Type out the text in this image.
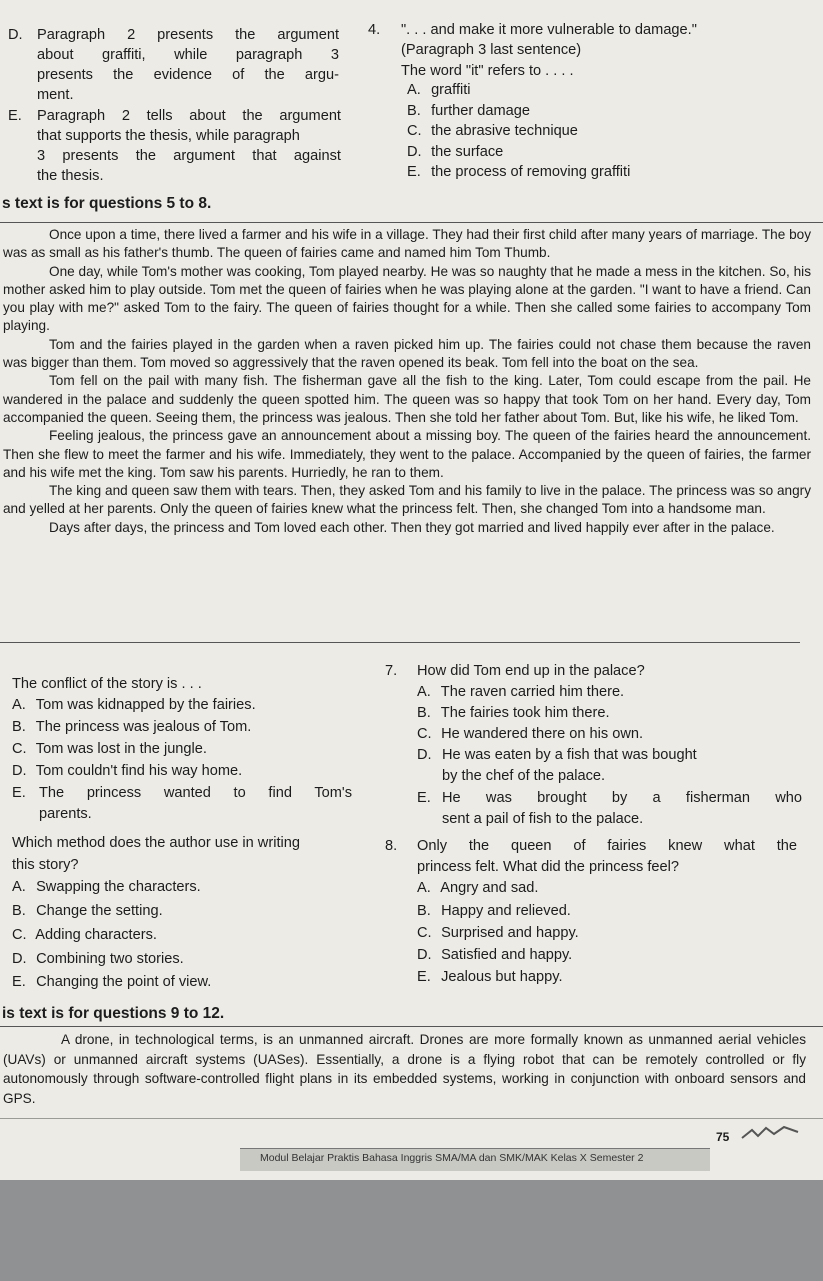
D. Paragraph 2 presents the argument
about graffiti, while paragraph 3
presents the evidence of the argu-
ment.
E. Paragraph 2 tells about the argument
that supports the thesis, while paragraph
3 presents the argument that against
the thesis.
4. ". . . and make it more vulnerable to damage."
(Paragraph 3 last sentence)
The word "it" refers to . . . .
A. graffiti
B. further damage
C. the abrasive technique
D. the surface
E. the process of removing graffiti
s text is for questions 5 to 8.

Once upon a time, there lived a farmer and his wife in a village. They had their first child after many years of marriage. The boy was as small as his father's thumb. The queen of fairies came and named him Tom Thumb.

One day, while Tom's mother was cooking, Tom played nearby. He was so naughty that he made a mess in the kitchen. So, his mother asked him to play outside. Tom met the queen of fairies when he was playing alone at the garden. "I want to have a friend. Can you play with me?" asked Tom to the fairy. The queen of fairies thought for a while. Then she called some fairies to accompany Tom playing.

Tom and the fairies played in the garden when a raven picked him up. The fairies could not chase them because the raven was bigger than them. Tom moved so aggressively that the raven opened its beak. Tom fell into the boat on the sea.

Tom fell on the pail with many fish. The fisherman gave all the fish to the king. Later, Tom could escape from the pail. He wandered in the palace and suddenly the queen spotted him. The queen was so happy that took Tom on her hand. Every day, Tom accompanied the queen. Seeing them, the princess was jealous. Then she told her father about Tom. But, like his wife, he liked Tom.

Feeling jealous, the princess gave an announcement about a missing boy. The queen of the fairies heard the announcement. Then she flew to meet the farmer and his wife. Immediately, they went to the palace. Accompanied by the queen of fairies, the farmer and his wife met the king. Tom saw his parents. Hurriedly, he ran to them.

The king and queen saw them with tears. Then, they asked Tom and his family to live in the palace. The princess was so angry and yelled at her parents. Only the queen of fairies knew what the princess felt. Then, she changed Tom into a handsome man.

Days after days, the princess and Tom loved each other. Then they got married and lived happily ever after in the palace.

The conflict of the story is . . .
A. Tom was kidnapped by the fairies.
B. The princess was jealous of Tom.
C. Tom was lost in the jungle.
D. Tom couldn't find his way home.
E. The princess wanted to find Tom's
parents.
Which method does the author use in writing
this story?
A. Swapping the characters.
B. Change the setting.
C. Adding characters.
D. Combining two stories.
E. Changing the point of view.
7. How did Tom end up in the palace?
A. The raven carried him there.
B. The fairies took him there.
C. He wandered there on his own.
D. He was eaten by a fish that was bought
by the chef of the palace.
E. He was brought by a fisherman who
sent a pail of fish to the palace.
8. Only the queen of fairies knew what the
princess felt. What did the princess feel?
A. Angry and sad.
B. Happy and relieved.
C. Surprised and happy.
D. Satisfied and happy.
E. Jealous but happy.
is text is for questions 9 to 12.

A drone, in technological terms, is an unmanned aircraft. Drones are more formally known as unmanned aerial vehicles (UAVs) or unmanned aircraft systems (UASes). Essentially, a drone is a flying robot that can be remotely controlled or fly autonomously through software-controlled flight plans in its embedded systems, working in conjunction with onboard sensors and GPS.

Modul Belajar Praktis Bahasa Inggris SMA/MA dan SMK/MAK Kelas X Semester 2
75
